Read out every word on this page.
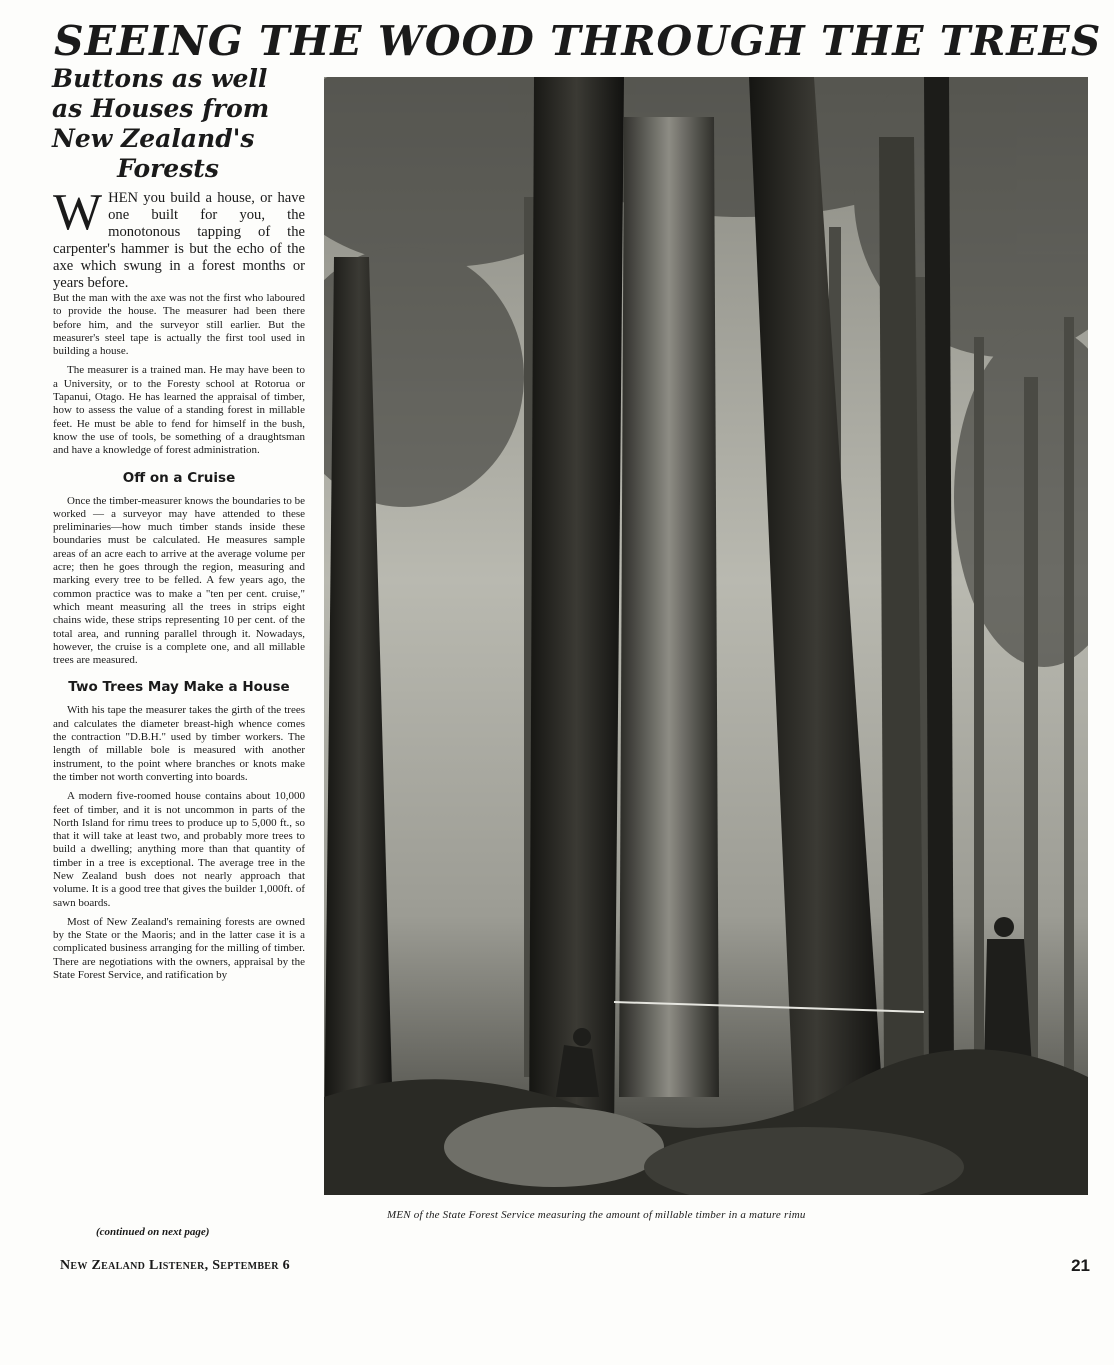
SEEING THE WOOD THROUGH THE TREES
Buttons as well
as Houses from
New Zealand's

Forests

WHEN you build a house, or have one built for you, the monotonous tapping of the carpenter's hammer is but the echo of the axe which swung in a forest months or years before.

But the man with the axe was not the first who laboured to provide the house. The measurer had been there before him, and the surveyor still earlier. But the measurer's steel tape is actually the first tool used in building a house.

The measurer is a trained man. He may have been to a University, or to the Foresty school at Rotorua or Tapanui, Otago. He has learned the appraisal of timber, how to assess the value of a standing forest in millable feet. He must be able to fend for himself in the bush, know the use of tools, be something of a draughtsman and have a knowledge of forest administration.

Off on a Cruise

Once the timber-measurer knows the boundaries to be worked — a surveyor may have attended to these preliminaries—how much timber stands inside these boundaries must be calculated. He measures sample areas of an acre each to arrive at the average volume per acre; then he goes through the region, measuring and marking every tree to be felled. A few years ago, the common practice was to make a "ten per cent. cruise," which meant measuring all the trees in strips eight chains wide, these strips representing 10 per cent. of the total area, and running parallel through it. Nowadays, however, the cruise is a complete one, and all millable trees are measured.

Two Trees May Make a House

With his tape the measurer takes the girth of the trees and calculates the diameter breast-high whence comes the contraction "D.B.H." used by timber workers. The length of millable bole is measured with another instrument, to the point where branches or knots make the timber not worth converting into boards.

A modern five-roomed house contains about 10,000 feet of timber, and it is not uncommon in parts of the North Island for rimu trees to produce up to 5,000 ft., so that it will take at least two, and probably more trees to build a dwelling; anything more than that quantity of timber in a tree is exceptional. The average tree in the New Zealand bush does not nearly approach that volume. It is a good tree that gives the builder 1,000ft. of sawn boards.

Most of New Zealand's remaining forests are owned by the State or the Maoris; and in the latter case it is a complicated business arranging for the milling of timber. There are negotiations with the owners, appraisal by the State Forest Service, and ratification by

(continued on next page)
MEN of the State Forest Service measuring the amount of millable timber in a mature rimu
New Zealand Listener, September 6	21
